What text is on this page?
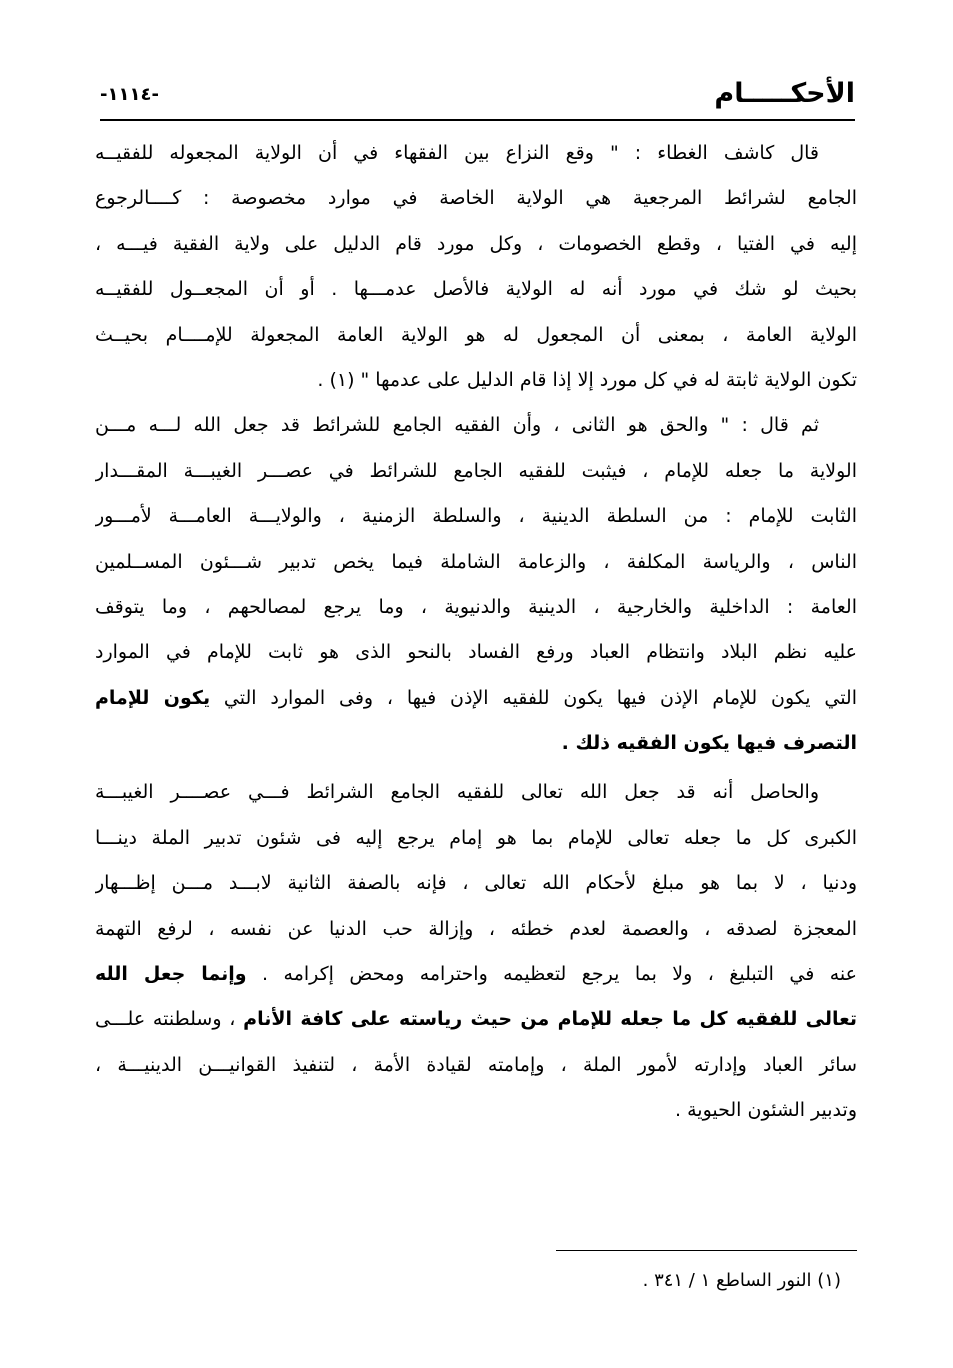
الأحكـــــام
-١١١٤-
قال كاشف الغطاء : " وقع النزاع بين الفقهاء في أن الولاية المجعوله للفقيــه
الجامع لشرائط المرجعية هي الولاية الخاصة في موارد مخصوصة : كــــالرجوع
إليه في الفتيا ، وقطع الخصومات ، وكل مورد قام الدليل على ولاية الفقية فيـــه ،
بحيث لو شك في مورد أنه له الولاية فالأصل عدمـــها . أو أن المجعــول للفقيــه
الولاية العامة ، بمعنى أن المجعول له هو الولاية العامة المجعولة للإمــــام بحيــث
تكون الولاية ثابتة له في كل مورد إلا إذا قام الدليل على عدمها " (١) .
ثم قال : " والحق هو الثانى ، وأن الفقيه الجامع للشرائط قد جعل الله لـــه مـــن
الولاية ما جعله للإمام ، فيثبت للفقيه الجامع للشرائط في عصـــر الغيبـــة المقـــدار
الثابت للإمام : من السلطة الدينية ، والسلطة الزمنية ، والولايـــة العامـــة لأمـــور
الناس ، والرياسة المكلفة ، والزعامة الشاملة فيما يخص تدبير شـــئون المســلمين
العامة : الداخلية والخارجية ، الدينية والدنيوية ، وما يرجع لمصالحهم ، وما يتوقف
عليه نظم البلاد وانتظام العباد ورفع الفساد بالنحو الذى هو ثابت للإمام في الموارد
التي يكون للإمام الإذن فيها يكون للفقيه الإذن فيها ، وفى الموارد التي يكون للإمام
التصرف فيها يكون الفقيه ذلك .
والحاصل أنه قد جعل الله تعالى للفقيه الجامع الشرائط فـــي عصــــر الغيبـــة
الكبرى كل ما جعله تعالى للإمام بما هو إمام يرجع إليه فى شئون تدبير الملة دينـــا
ودنيا ، لا بما هو مبلغ لأحكام الله تعالى ، فإنه بالصفة الثانية لابـــد مـــن إظـــهار
المعجزة لصدقه ، والعصمة لعدم خطئه ، وإزالة حب الدنيا عن نفسه ، لرفع التهمة
عنه في التبليغ ، ولا بما يرجع لتعظيمه واحترامه ومحض إكرامه . وإنما جعل الله
تعالى للفقيه كل ما جعله للإمام من حيث رياسته على كافة الأنام ، وسلطنته علـــى
سائر العباد وإدارته لأمور الملة ، وإمامته لقيادة الأمة ، لتنفيذ القوانيـــن الدينيـــة ،
وتدبير الشئون الحيوية .
(١) النور الساطع ١ / ٣٤١ .
